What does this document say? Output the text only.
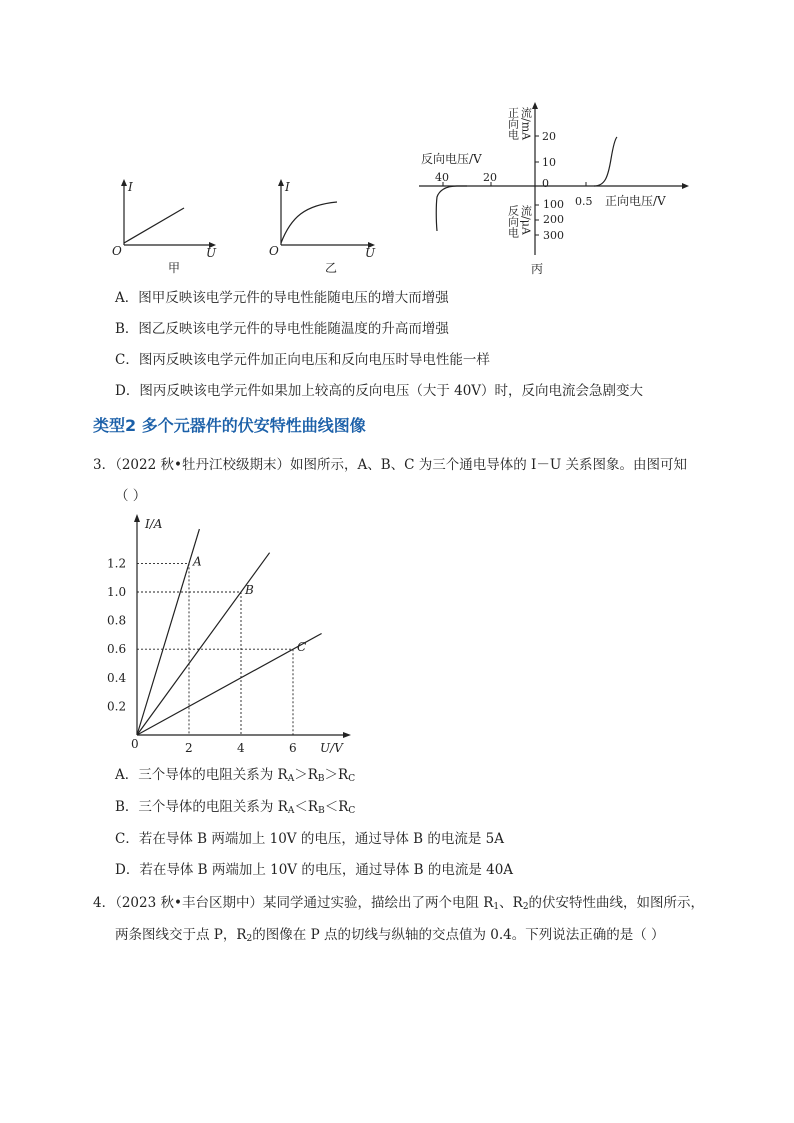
I
O	U
甲
I
O	U
乙
正向电 流/mA
反向电 流/μA
20
10
0
100
200
300
反向电压/V
40	20
0.5 正向电压/V
丙
A．图甲反映该电学元件的导电性能随电压的增大而增强
B．图乙反映该电学元件的导电性能随温度的升高而增强
C．图丙反映该电学元件加正向电压和反向电压时导电性能一样
D．图丙反映该电学元件如果加上较高的反向电压（大于 40V）时，反向电流会急剧变大
类型2 多个元器件的伏安特性曲线图像
3．（2022 秋•牡丹江校级期末）如图所示，A、B、C 为三个通电导体的 I－U 关系图象。由图可知
（ ）
I/A
U/V
0
0.2
0.4
0.6
0.8
1.0
1.2
2	4	6
A
B
C
A．三个导体的电阻关系为 $R_A>R_B>R_C$
B．三个导体的电阻关系为 $R_A<R_B<R_C$
C．若在导体 B 两端加上 10V 的电压，通过导体 B 的电流是 5A
D．若在导体 B 两端加上 10V 的电压，通过导体 B 的电流是 40A
4．（2023 秋•丰台区期中）某同学通过实验，描绘出了两个电阻 $R_1$、$R_2$的伏安特性曲线，如图所示，
两条图线交于点 P，$R_2$的图像在 P 点的切线与纵轴的交点值为 0.4。下列说法正确的是（ ）
